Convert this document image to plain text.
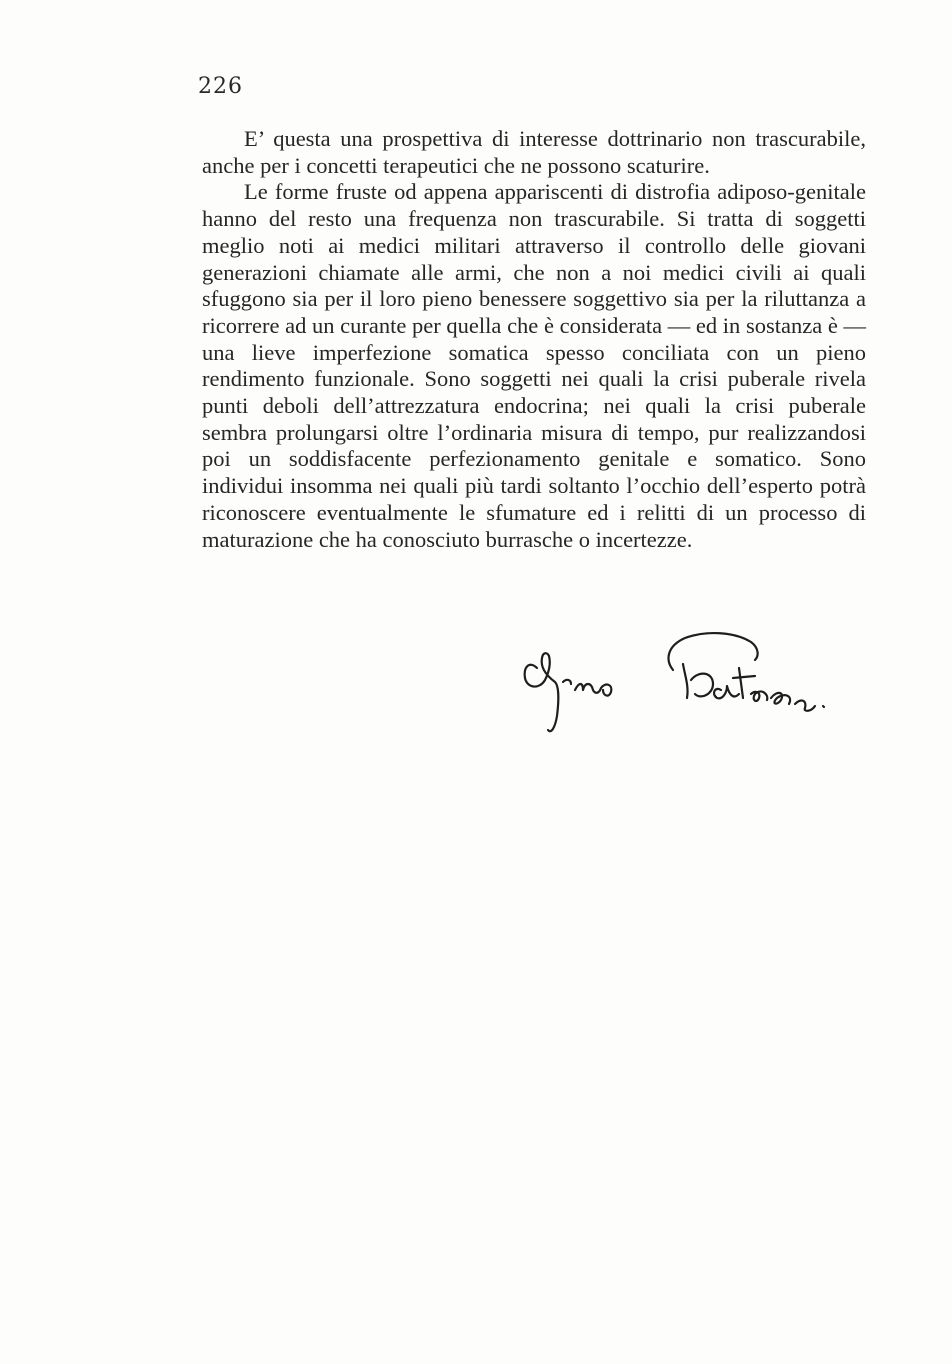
226

E’ questa una prospettiva di interesse dottrinario non trascurabile, anche per i concetti terapeutici che ne possono scaturire.

Le forme fruste od appena appariscenti di distrofia adiposo-genitale hanno del resto una frequenza non trascurabile. Si tratta di soggetti meglio noti ai medici militari attraverso il controllo delle giovani generazioni chiamate alle armi, che non a noi medici civili ai quali sfuggono sia per il loro pieno benessere soggettivo sia per la riluttanza a ricorrere ad un curante per quella che è considerata — ed in sostanza è — una lieve imperfezione somatica spesso conciliata con un pieno rendimento funzionale. Sono soggetti nei quali la crisi puberale rivela punti deboli dell’attrezzatura endocrina; nei quali la crisi puberale sembra prolungarsi oltre l’ordinaria misura di tempo, pur realizzandosi poi un soddisfacente perfezionamento genitale e somatico. Sono individui insomma nei quali più tardi soltanto l’occhio dell’esperto potrà riconoscere eventualmente le sfumature ed i relitti di un processo di maturazione che ha conosciuto burrasche o incertezze.
